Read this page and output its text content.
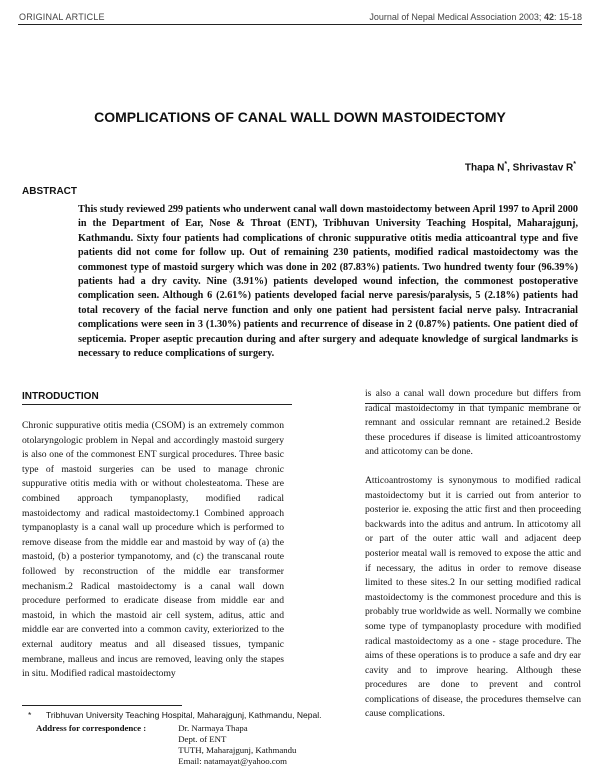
ORIGINAL ARTICLE	Journal of Nepal Medical Association 2003; 42: 15-18
COMPLICATIONS OF CANAL WALL DOWN MASTOIDECTOMY
Thapa N*, Shrivastav R*
ABSTRACT
This study reviewed 299 patients who underwent canal wall down mastoidectomy between April 1997 to April 2000 in the Department of Ear, Nose & Throat (ENT), Tribhuvan University Teaching Hospital, Maharajgunj, Kathmandu. Sixty four patients had complications of chronic suppurative otitis media atticoantral type and five patients did not come for follow up. Out of remaining 230 patients, modified radical mastoidectomy was the commonest type of mastoid surgery which was done in 202 (87.83%) patients. Two hundred twenty four (96.39%) patients had a dry cavity. Nine (3.91%) patients developed wound infection, the commonest postoperative complication seen. Although 6 (2.61%) patients developed facial nerve paresis/paralysis, 5 (2.18%) patients had total recovery of the facial nerve function and only one patient had persistent facial nerve palsy. Intracranial complications were seen in 3 (1.30%) patients and recurrence of disease in 2 (0.87%) patients. One patient died of septicemia. Proper aseptic precaution during and after surgery and adequate knowledge of surgical landmarks is necessary to reduce complications of surgery.
INTRODUCTION

Chronic suppurative otitis media (CSOM) is an extremely common otolaryngologic problem in Nepal and accordingly mastoid surgery is also one of the commonest ENT surgical procedures. Three basic type of mastoid surgeries can be used to manage chronic suppurative otitis media with or without cholesteatoma. These are combined approach tympanoplasty, modified radical mastoidectomy and radical mastoidectomy.1 Combined approach tympanoplasty is a canal wall up procedure which is performed to remove disease from the middle ear and mastoid by way of (a) the mastoid, (b) a posterior tympanotomy, and (c) the transcanal route followed by reconstruction of the middle ear transformer mechanism.2 Radical mastoidectomy is a canal wall down procedure performed to eradicate disease from middle ear and mastoid, in which the mastoid air cell system, aditus, attic and middle ear are converted into a common cavity, exteriorized to the external auditory meatus and all diseased tissues, tympanic membrane, malleus and incus are removed, leaving only the stapes in situ. Modified radical mastoidectomy

is also a canal wall down procedure but differs from radical mastoidectomy in that tympanic membrane or remnant and ossicular remnant are retained.2 Beside these procedures if disease is limited atticoantrostomy and atticotomy can be done.

Atticoantrostomy is synonymous to modified radical mastoidectomy but it is carried out from anterior to posterior ie. exposing the attic first and then proceeding backwards into the aditus and antrum. In atticotomy all or part of the outer attic wall and adjacent deep posterior meatal wall is removed to expose the attic and if necessary, the aditus in order to remove disease limited to these sites.2 In our setting modified radical mastoidectomy is the commonest procedure and this is probably true worldwide as well. Normally we combine some type of tympanoplasty procedure with modified radical mastoidectomy as a one - stage procedure. The aims of these operations is to produce a safe and dry ear cavity and to improve hearing. Although these procedures are done to prevent and control complications of disease, the procedures themselve can cause complications.

* Tribhuvan University Teaching Hospital, Maharajgunj, Kathmandu, Nepal.
Address for correspondence :	Dr. Narmaya Thapa
Dept. of ENT
TUTH, Maharajgunj, Kathmandu
Email: natamayat@yahoo.com
